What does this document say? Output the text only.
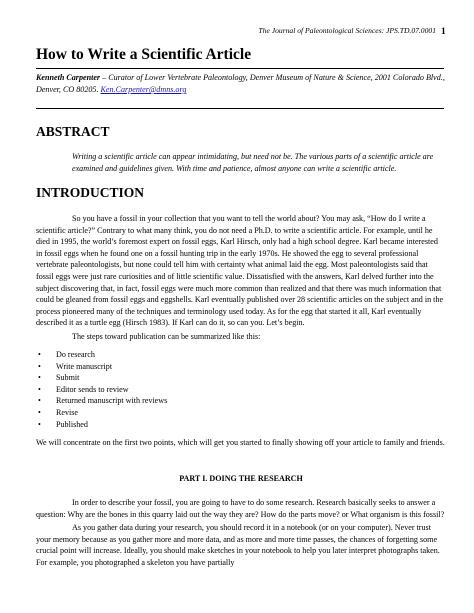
The Journal of Paleontological Sciences: JPS.TD.07.0001 1
How to Write a Scientific Article
Kenneth Carpenter – Curator of Lower Vertebrate Paleontology, Denver Museum of Nature & Science, 2001 Colorado Blvd., Denver, CO 80205. Ken.Carpenter@dmns.org
ABSTRACT
Writing a scientific article can appear intimidating, but need not be. The various parts of a scientific article are examined and guidelines given. With time and patience, almost anyone can write a scientific article.
INTRODUCTION
So you have a fossil in your collection that you want to tell the world about? You may ask, “How do I write a scientific article?” Contrary to what many think, you do not need a Ph.D. to write a scientific article. For example, until he died in 1995, the world’s foremost expert on fossil eggs, Karl Hirsch, only had a high school degree. Karl became interested in fossil eggs when he found one on a fossil hunting trip in the early 1970s. He showed the egg to several professional vertebrate paleontologists, but none could tell him with certainty what animal laid the egg. Most paleontologists said that fossil eggs were just rare curiosities and of little scientific value. Dissatisfied with the answers, Karl delved further into the subject discovering that, in fact, fossil eggs were much more common than realized and that there was much information that could be gleaned from fossil eggs and eggshells. Karl eventually published over 28 scientific articles on the subject and in the process pioneered many of the techniques and terminology used today. As for the egg that started it all, Karl eventually described it as a turtle egg (Hirsch 1983). If Karl can do it, so can you. Let’s begin.
The steps toward publication can be summarized like this:
•	Do research
•	Write manuscript
•	Submit
•	Editor sends to review
•	Returned manuscript with reviews
•	Revise
•	Published
We will concentrate on the first two points, which will get you started to finally showing off your article to family and friends.
PART I. DOING THE RESEARCH
In order to describe your fossil, you are going to have to do some research. Research basically seeks to answer a question: Why are the bones in this quarry laid out the way they are? How do the parts move? or What organism is this fossil?
As you gather data during your research, you should record it in a notebook (or on your computer). Never trust your memory because as you gather more and more data, and as more and more time passes, the chances of forgetting some crucial point will increase. Ideally, you should make sketches in your notebook to help you later interpret photographs taken. For example, you photographed a skeleton you have partially
